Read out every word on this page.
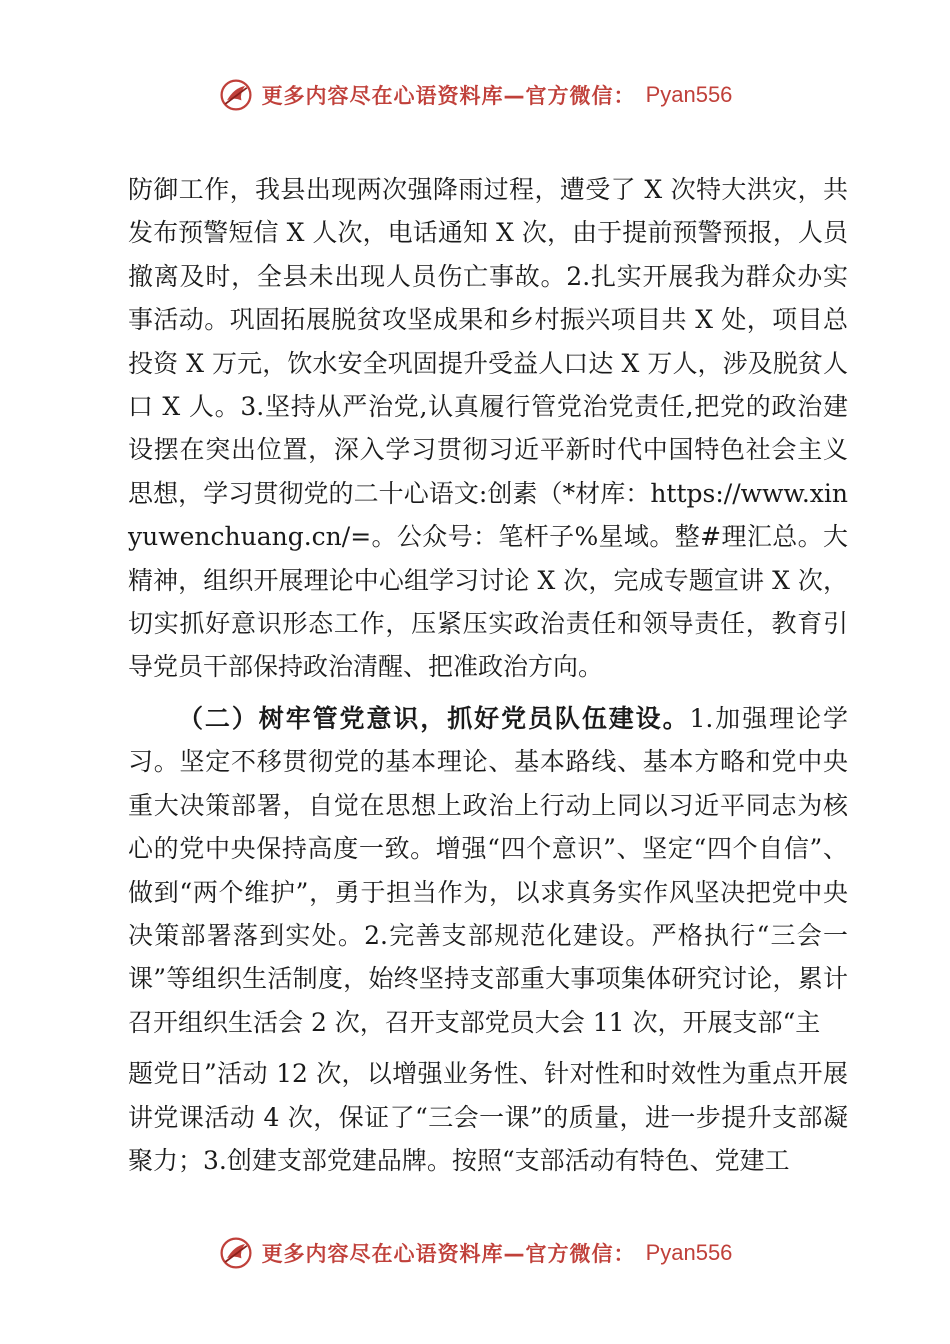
更多内容尽在心语资料库—官方微信： Pyan556

防御工作，我县出现两次强降雨过程，遭受了 X 次特大洪灾，共发布预警短信 X 人次，电话通知 X 次，由于提前预警预报，人员撤离及时，全县未出现人员伤亡事故。2.扎实开展我为群众办实事活动。巩固拓展脱贫攻坚成果和乡村振兴项目共 X 处，项目总投资 X 万元，饮水安全巩固提升受益人口达 X 万人，涉及脱贫人口 X 人。3.坚持从严治党,认真履行管党治党责任,把党的政治建设摆在突出位置，深入学习贯彻习近平新时代中国特色社会主义思想，学习贯彻党的二十心语文:创素（*材库：https://www.xinyuwenchuang.cn/=。公众号：笔杆子%星域。整#理汇总。大精神，组织开展理论中心组学习讨论 X 次，完成专题宣讲 X 次，切实抓好意识形态工作，压紧压实政治责任和领导责任，教育引导党员干部保持政治清醒、把准政治方向。

（二）树牢管党意识，抓好党员队伍建设。1.加强理论学习。坚定不移贯彻党的基本理论、基本路线、基本方略和党中央重大决策部署，自觉在思想上政治上行动上同以习近平同志为核心的党中央保持高度一致。增强“四个意识”、坚定“四个自信”、做到“两个维护”，勇于担当作为，以求真务实作风坚决把党中央决策部署落到实处。2.完善支部规范化建设。严格执行“三会一课”等组织生活制度，始终坚持支部重大事项集体研究讨论，累计召开组织生活会 2 次，召开支部党员大会 11 次，开展支部“主

题党日”活动 12 次，以增强业务性、针对性和时效性为重点开展讲党课活动 4 次，保证了“三会一课”的质量，进一步提升支部凝聚力；3.创建支部党建品牌。按照“支部活动有特色、党建工

更多内容尽在心语资料库—官方微信： Pyan556
